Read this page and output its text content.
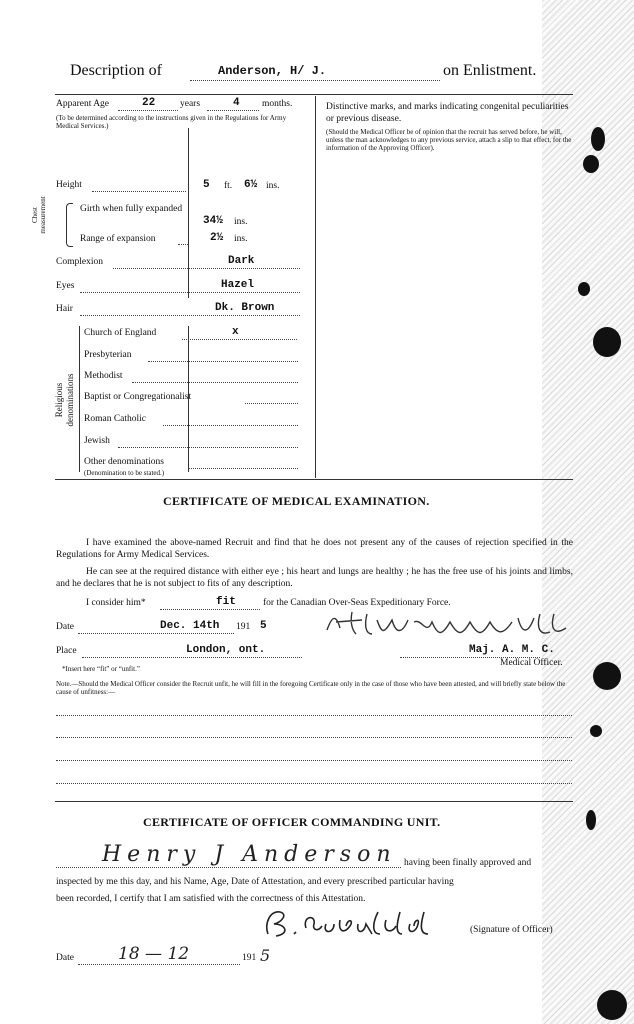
Description of	Anderson, H/ J.	on Enlistment.
Apparent Age	22	years	4 months.
(To be determined according to the instructions given in the Regulations for Army Medical Services.)
Distinctive marks, and marks indicating congenital peculiarities or previous disease.
(Should the Medical Officer be of opinion that the recruit has served before, he will, unless the man acknowledges to any previous service, attach a slip to that effect, for the information of the Approving Officer).
Height	5 ft. 6½ ins.
Chest measurement	Girth when fully expanded
34½ ins.
Range of expansion	2½ ins.
Complexion	Dark
Eyes	Hazel
Hair	Dk. Brown
Religious denominations
Church of England	x
Presbyterian
Methodist
Baptist or Congregationalist
Roman Catholic
Jewish
Other denominations
(Denomination to be stated.)
CERTIFICATE OF MEDICAL EXAMINATION.
I have examined the above-named Recruit and find that he does not present any of the causes of rejection specified in the Regulations for Army Medical Services.
He can see at the required distance with either eye ; his heart and lungs are healthy ; he has the free use of his joints and limbs, and he declares that he is not subject to fits of any description.
I consider him*	fit	for the Canadian Over-Seas Expeditionary Force.
Date	Dec. 14th 191 5
Place	London, ont.	Maj. A. M. C.
Medical Officer.
*Insert here “fit” or “unfit.”
Note.—Should the Medical Officer consider the Recruit unfit, he will fill in the foregoing Certificate only in the case of those who have been attested, and will briefly state below the cause of unfitness:—
CERTIFICATE OF OFFICER COMMANDING UNIT.
Henry J Anderson having been finally approved and
inspected by me this day, and his Name, Age, Date of Attestation, and every prescribed particular having
been recorded, I certify that I am satisfied with the correctness of this Attestation.
(Signature of Officer)
Date	18 — 12	191 5
